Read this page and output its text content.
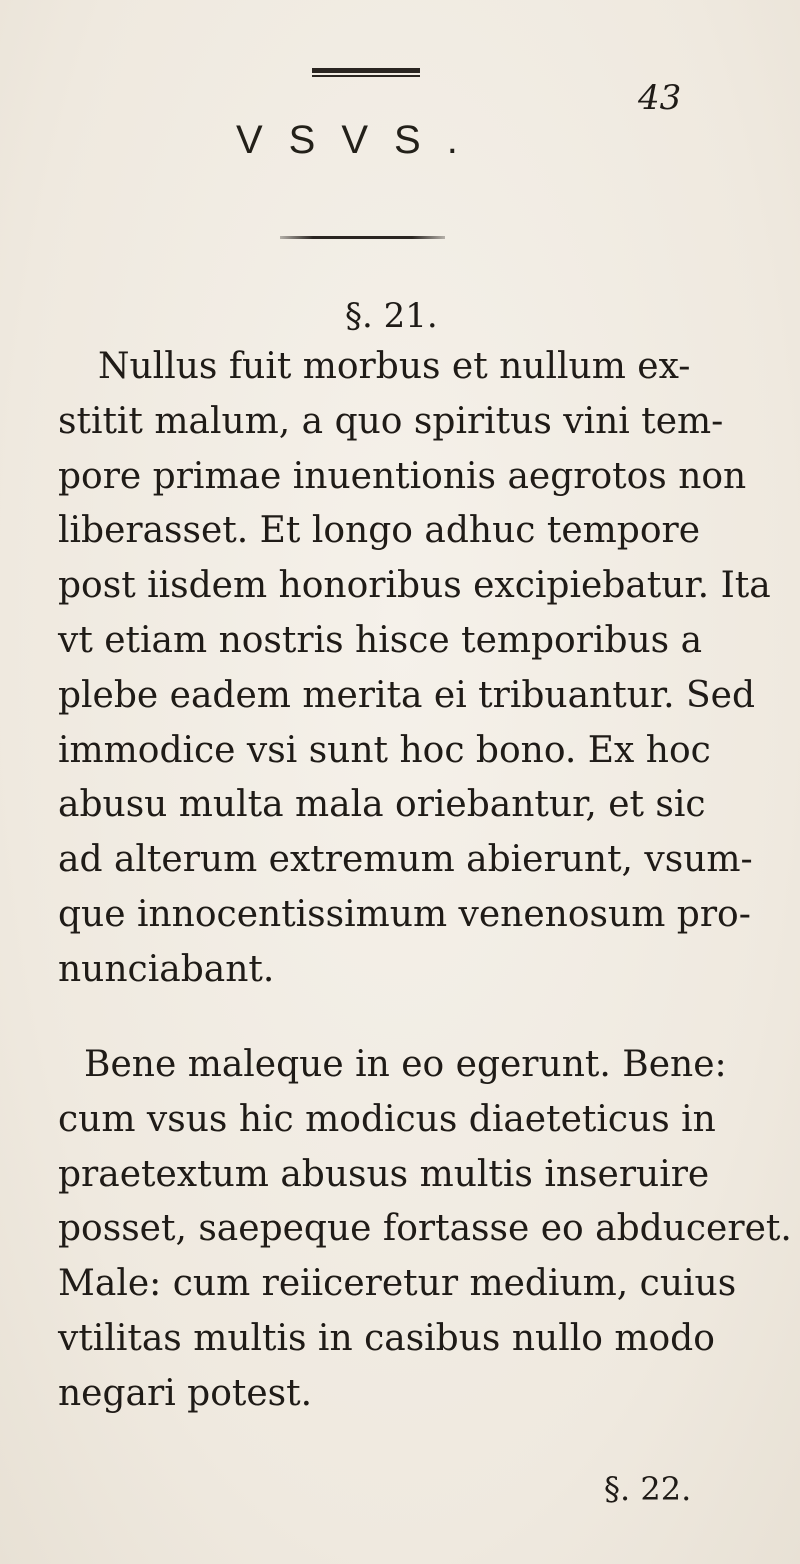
43
VSVS.
§. 21.
Nullus fuit morbus et nullum ex-
stitit malum, a quo spiritus vini tem-
pore primae inuentionis aegrotos non
liberasset. Et longo adhuc tempore
post iisdem honoribus excipiebatur. Ita
vt etiam nostris hisce temporibus a
plebe eadem merita ei tribuantur. Sed
immodice vsi sunt hoc bono. Ex hoc
abusu multa mala oriebantur, et sic
ad alterum extremum abierunt, vsum-
que innocentissimum venenosum pro-
nunciabant.
Bene maleque in eo egerunt. Bene:
cum vsus hic modicus diaeteticus in
praetextum abusus multis inseruire
posset, saepeque fortasse eo abduceret.
Male: cum reiiceretur medium, cuius
vtilitas multis in casibus nullo modo
negari potest.
§. 22.
